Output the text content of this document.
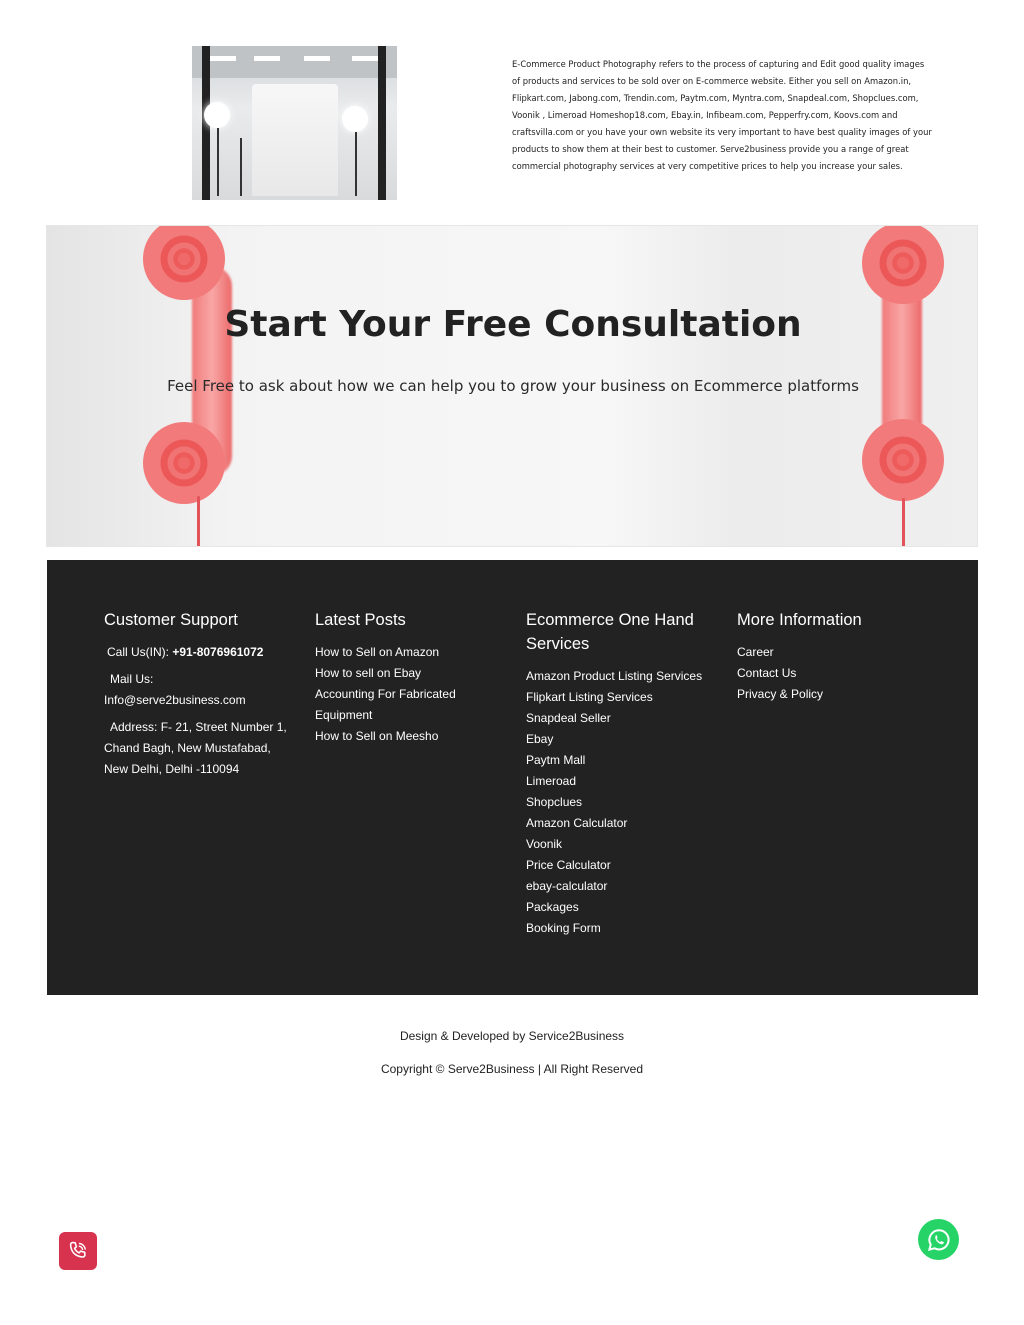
E-Commerce Product Photography refers to the process of capturing and Edit good quality images of products and services to be sold over on E-commerce website. Either you sell on Amazon.in, Flipkart.com, Jabong.com, Trendin.com, Paytm.com, Myntra.com, Snapdeal.com, Shopclues.com, Voonik , Limeroad Homeshop18.com, Ebay.in, Infibeam.com, Pepperfry.com, Koovs.com and craftsvilla.com or you have your own website its very important to have best quality images of your products to show them at their best to customer. Serve2business provide you a range of great commercial photography services at very competitive prices to help you increase your sales.

Start Your Free Consultation

Feel Free to ask about how we can help you to grow your business on Ecommerce platforms

Customer Support

Call Us(IN): +91-8076961072

Mail Us:

Info@serve2business.com

Address: F- 21, Street Number 1, Chand Bagh, New Mustafabad, New Delhi, Delhi -110094

Latest Posts
How to Sell on Amazon
How to sell on Ebay
Accounting For Fabricated Equipment
How to Sell on Meesho
Ecommerce One Hand Services
Amazon Product Listing Services
Flipkart Listing Services
Snapdeal Seller
Ebay
Paytm Mall
Limeroad
Shopclues
Amazon Calculator
Voonik
Price Calculator
ebay-calculator
Packages
Booking Form
More Information
Career
Contact Us
Privacy & Policy

Design & Developed by Service2Business

Copyright © Serve2Business | All Right Reserved
